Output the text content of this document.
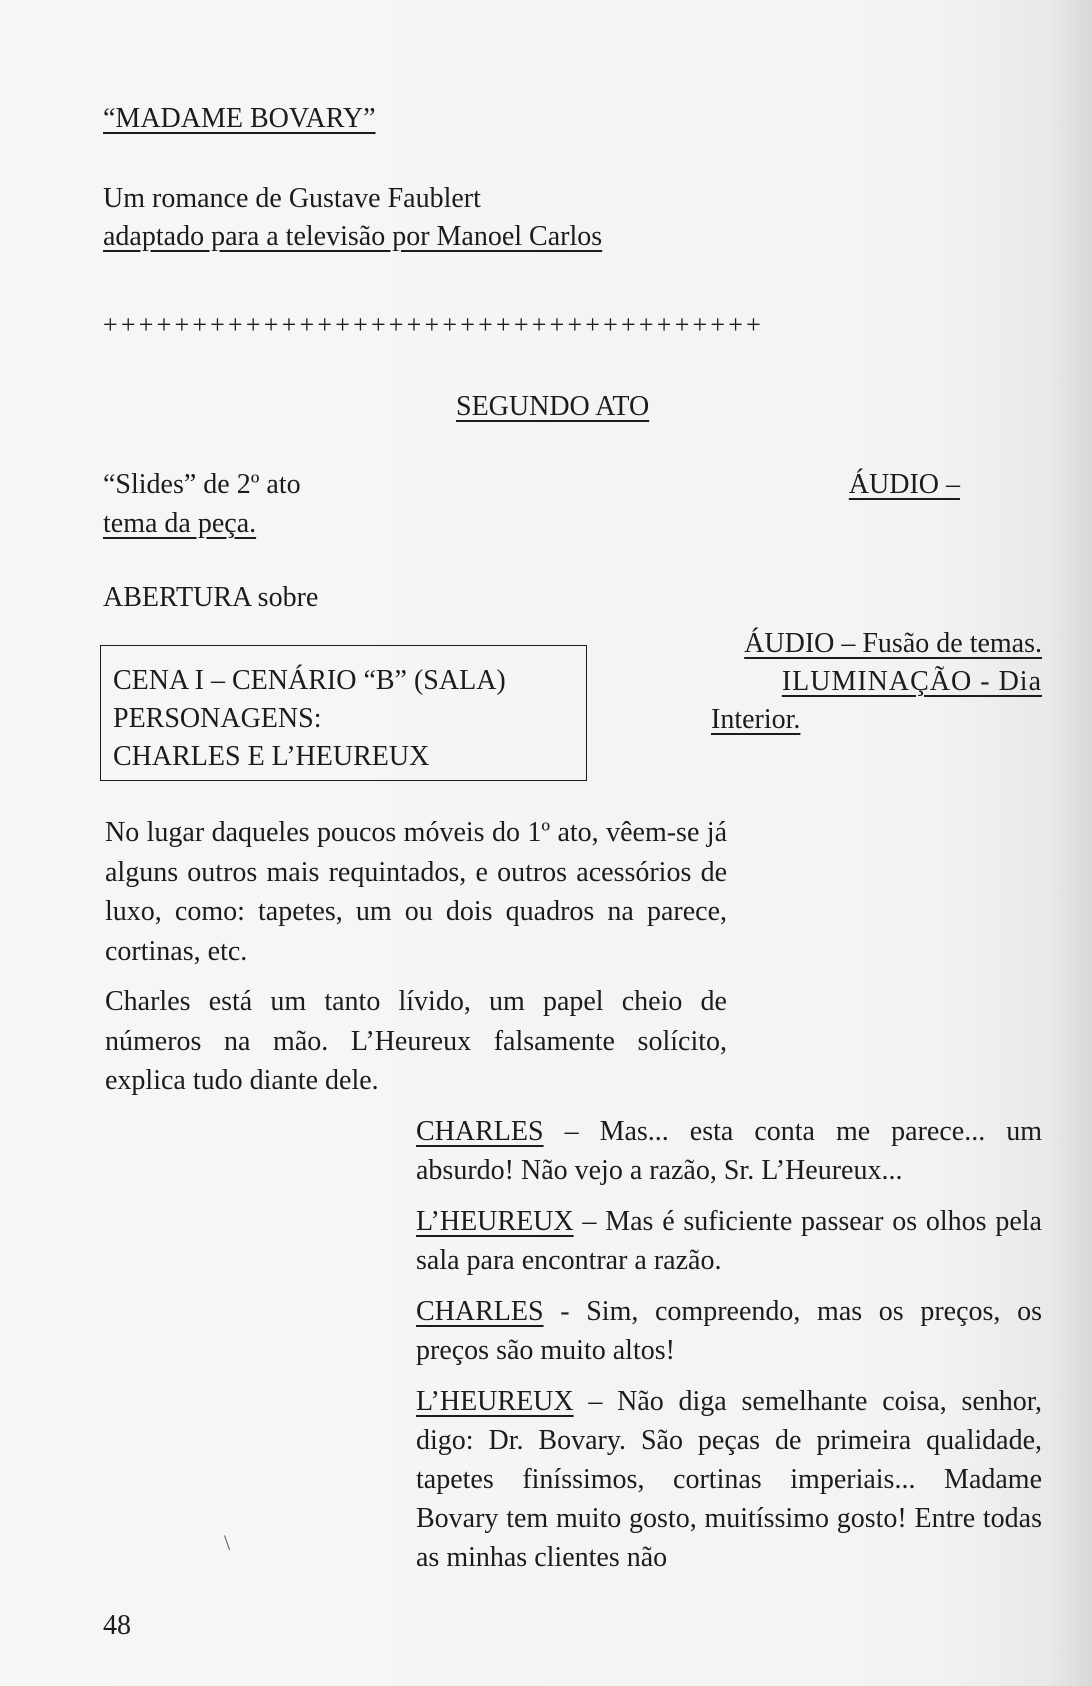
“MADAME BOVARY”
Um romance de Gustave Faublert
adaptado para a televisão por Manoel Carlos
+++++++++++++++++++++++++++++++++++++
SEGUNDO ATO
“Slides” de 2º ato
tema da peça.
ÁUDIO –
ABERTURA sobre
CENA I – CENÁRIO “B” (SALA)
PERSONAGENS:
CHARLES E L’HEUREUX
ÁUDIO – Fusão de temas.
ILUMINAÇÃO - Dia
Interior.
No lugar daqueles poucos móveis do 1º ato, vêem-se já alguns outros mais requintados, e outros acessórios de luxo, como: tapetes, um ou dois quadros na parece, cortinas, etc.
Charles está um tanto lívido, um papel cheio de números na mão. L’Heureux falsamente solícito, explica tudo diante dele.
CHARLES – Mas... esta conta me parece... um absurdo! Não vejo a razão, Sr. L’Heureux...
L’HEUREUX – Mas é suficiente passear os olhos pela sala para encontrar a razão.
CHARLES - Sim, compreendo, mas os preços, os preços são muito altos!
L’HEUREUX – Não diga semelhante coisa, senhor, digo: Dr. Bovary. São peças de primeira qualidade, tapetes finíssimos, cortinas imperiais... Madame Bovary tem muito gosto, muitíssimo gosto! Entre todas as minhas clientes não
\
48
